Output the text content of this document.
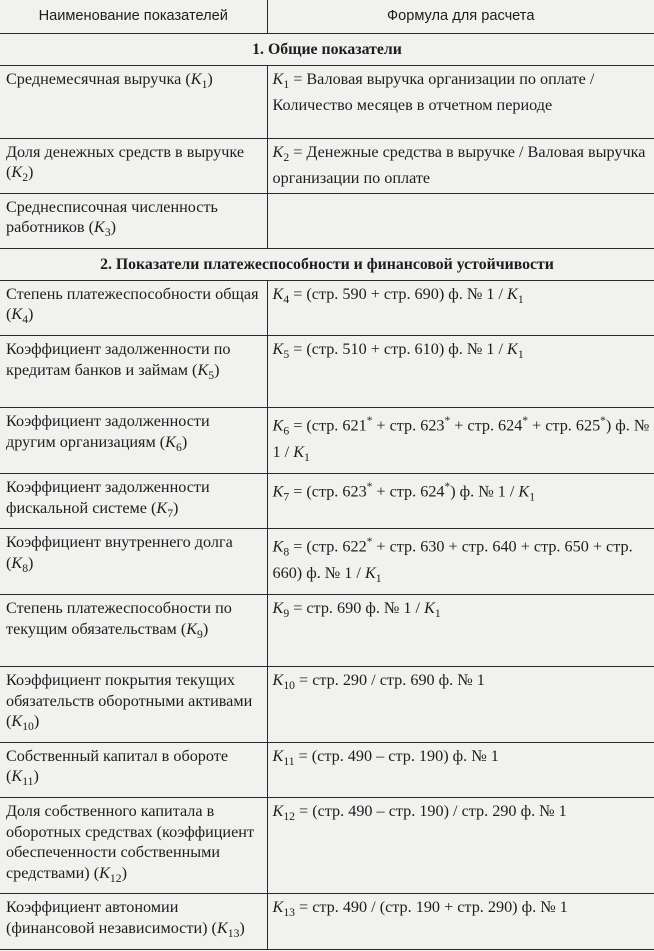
Наименование показателей	Формула для расчета
1. Общие показатели	
Среднемесячная выручка $(K_1)$	$K_1$ = Валовая выручка организации по оплате / Количество месяцев в отчетном периоде
Доля денежных средств в выручке $(K_2)$	$K_2$ = Денежные средства в выручке / Валовая выручка организации по оплате
Среднесписочная численность работников $(K_3)$	
2. Показатели платежеспособности и финансовой устойчивости	
Степень платежеспособности общая $(K_4)$	$K_4 = (стр$. 590 + стр. 690) ф. № $1 / K_1$
Коэффициент задолженности по кредитам банков и займам $(K_5)$	$K_5 = (стр$. 510 + стр. 610) ф. № $1 / K_1$
Коэффициент задолженности другим организациям $(K_6)$	$K_6 = (стр$. 621* + стр. 623* + стр. 624* + стр. 625*) ф. № $1 / K_1$
Коэффициент задолженности фискальной системе $(K_7)$	$K_7 = (стр$. 623* + стр. 624*) ф. № $1 / K_1$
Коэффициент внутреннего долга $(K_8)$	$K_8 = (стр$. 622* + стр. 630 + стр. 640 + стр. 650 + стр. 660) ф. № $1 / K_1$
Степень платежеспособности по текущим обязательствам $(K_9)$	$K_9$ = стр. 690 ф. № $1 / K_1$
Коэффициент покрытия текущих обязательств оборотными активами $(K_{10})$	$K_{10}$ = стр. 290 / стр. 690 ф. № 1
Собственный капитал в обороте $(K_{11})$	$K_{11} = (стр$. 490 – стр. 190) ф. № 1
Доля собственного капитала в оборотных средствах (коэффициент обеспеченности собственными средствами) $(K_{12})$	$K_{12} = (стр$. 490 – стр. 190) / стр. 290 ф. № 1
Коэффициент автономии (финансовой независимости) $(K_{13})$	$K_{13}$ = стр. 490 / (стр. 190 + стр. 290) ф. № 1
